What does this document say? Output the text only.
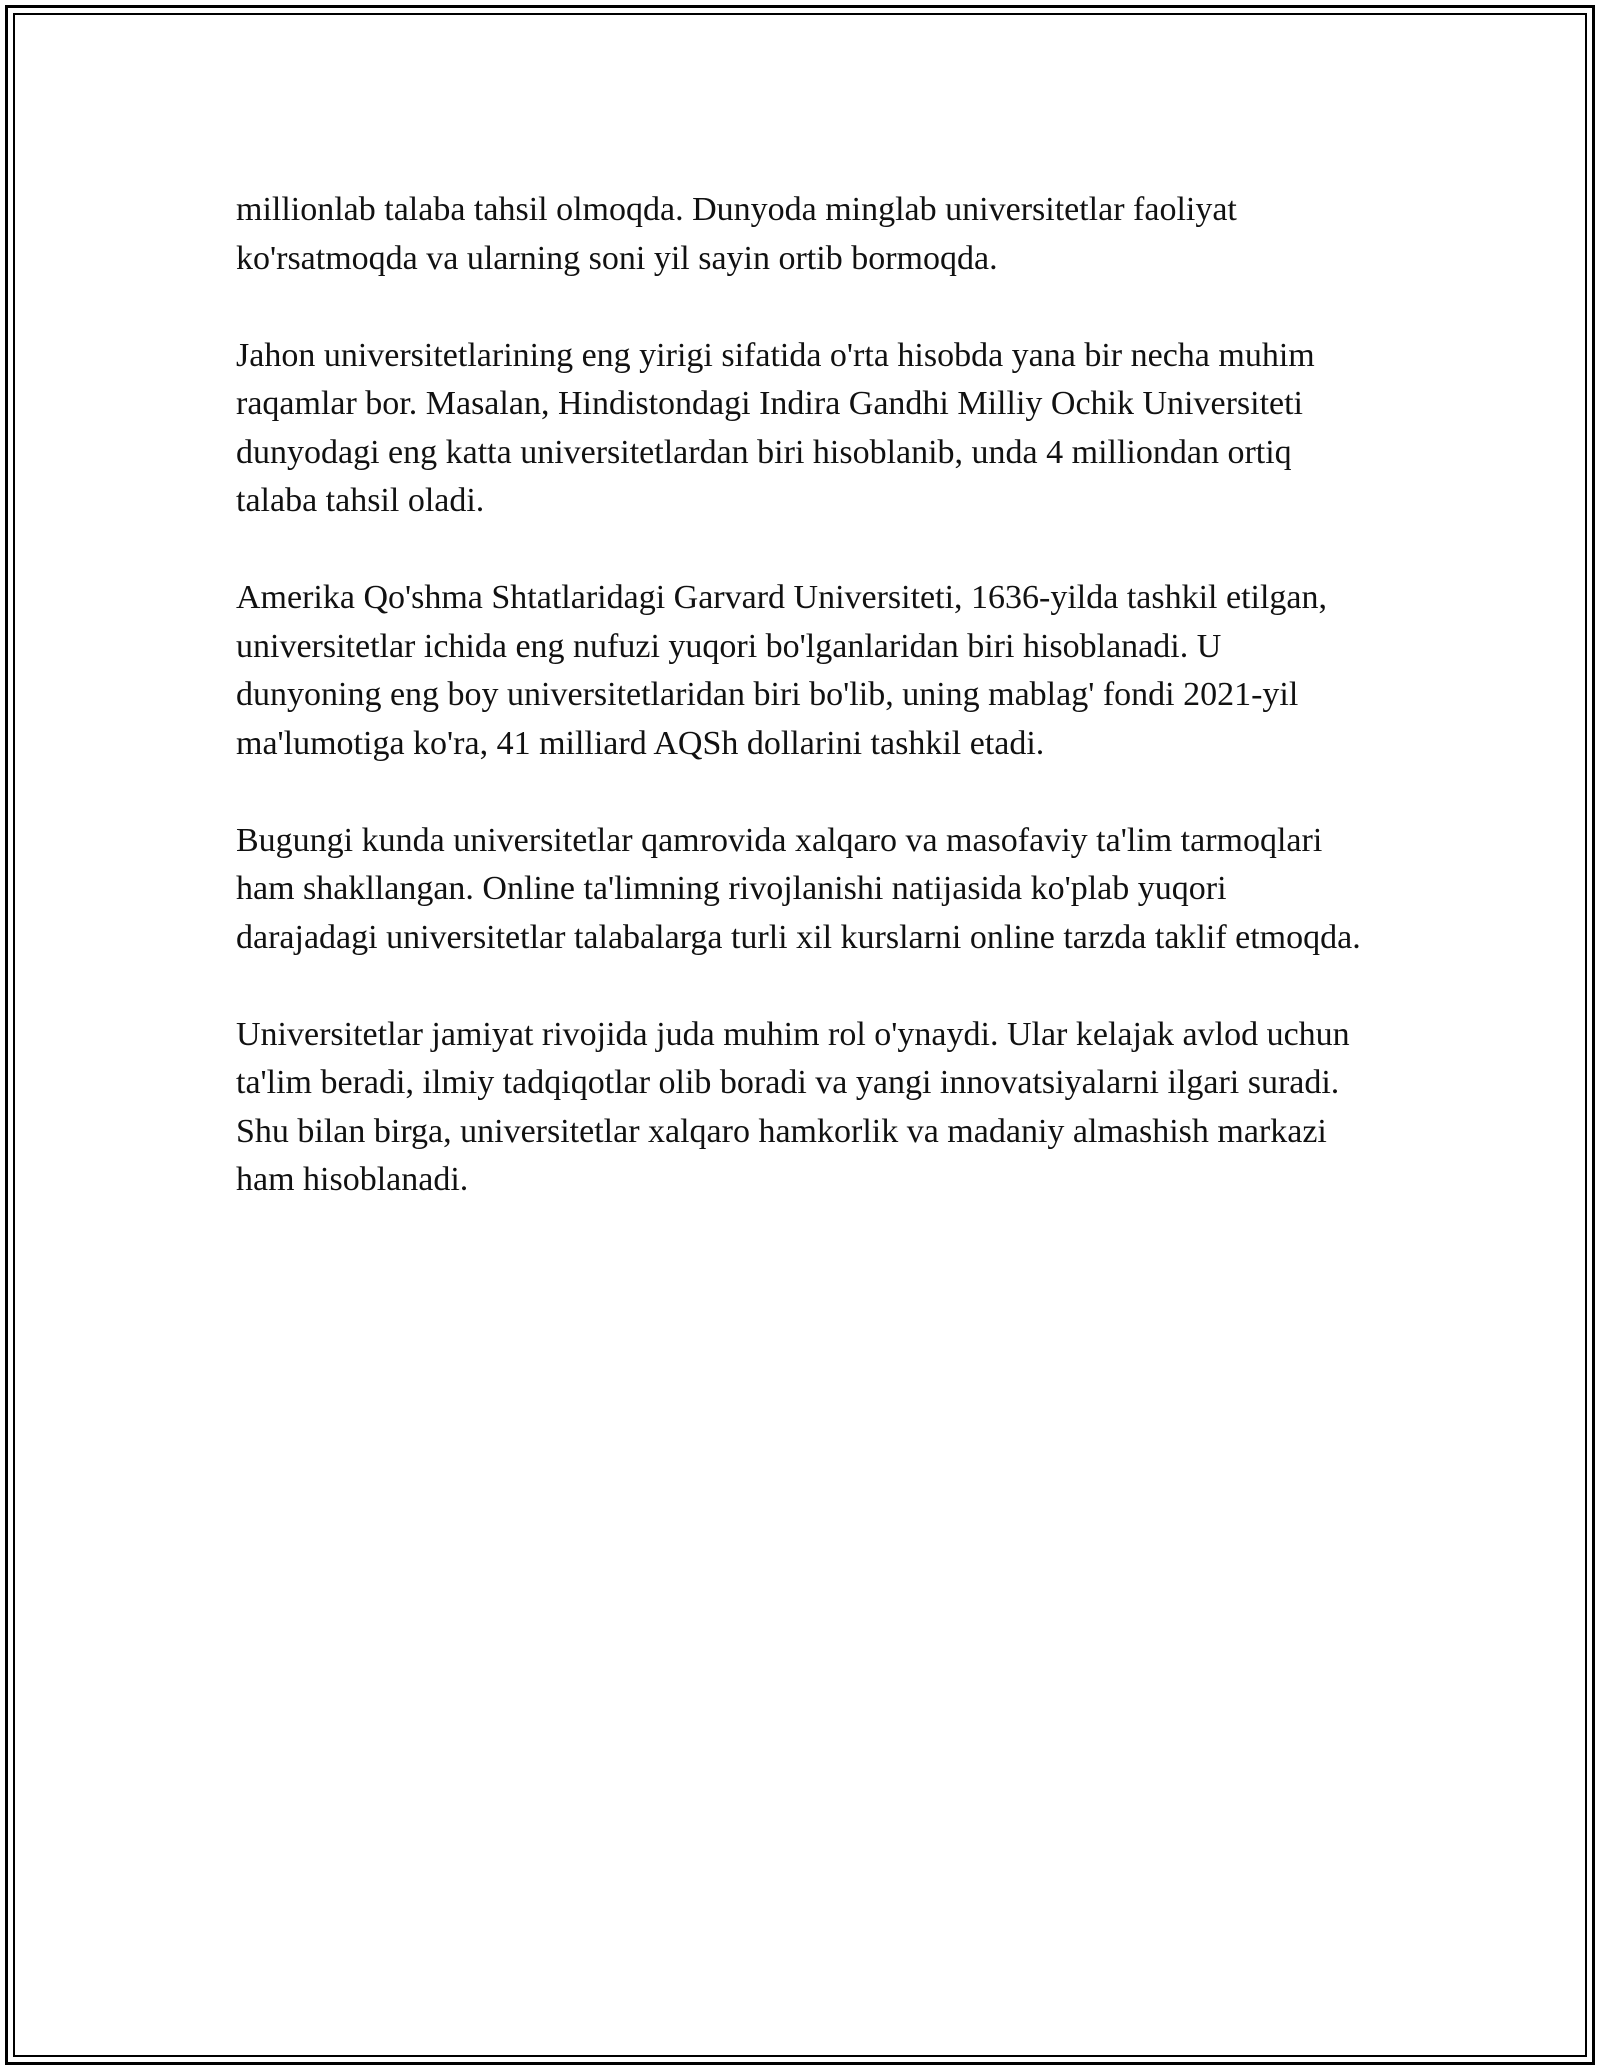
millionlab talaba tahsil olmoqda. Dunyoda minglab universitetlar faoliyat ko'rsatmoqda va ularning soni yil sayin ortib bormoqda.

Jahon universitetlarining eng yirigi sifatida o'rta hisobda yana bir necha muhim raqamlar bor. Masalan, Hindistondagi Indira Gandhi Milliy Ochik Universiteti dunyodagi eng katta universitetlardan biri hisoblanib, unda 4 milliondan ortiq talaba tahsil oladi.

Amerika Qo'shma Shtatlaridagi Garvard Universiteti, 1636-yilda tashkil etilgan, universitetlar ichida eng nufuzi yuqori bo'lganlaridan biri hisoblanadi. U dunyoning eng boy universitetlaridan biri bo'lib, uning mablag' fondi 2021-yil ma'lumotiga ko'ra, 41 milliard AQSh dollarini tashkil etadi.

Bugungi kunda universitetlar qamrovida xalqaro va masofaviy ta'lim tarmoqlari ham shakllangan. Online ta'limning rivojlanishi natijasida ko'plab yuqori darajadagi universitetlar talabalarga turli xil kurslarni online tarzda taklif etmoqda.

Universitetlar jamiyat rivojida juda muhim rol o'ynaydi. Ular kelajak avlod uchun ta'lim beradi, ilmiy tadqiqotlar olib boradi va yangi innovatsiyalarni ilgari suradi. Shu bilan birga, universitetlar xalqaro hamkorlik va madaniy almashish markazi ham hisoblanadi.
